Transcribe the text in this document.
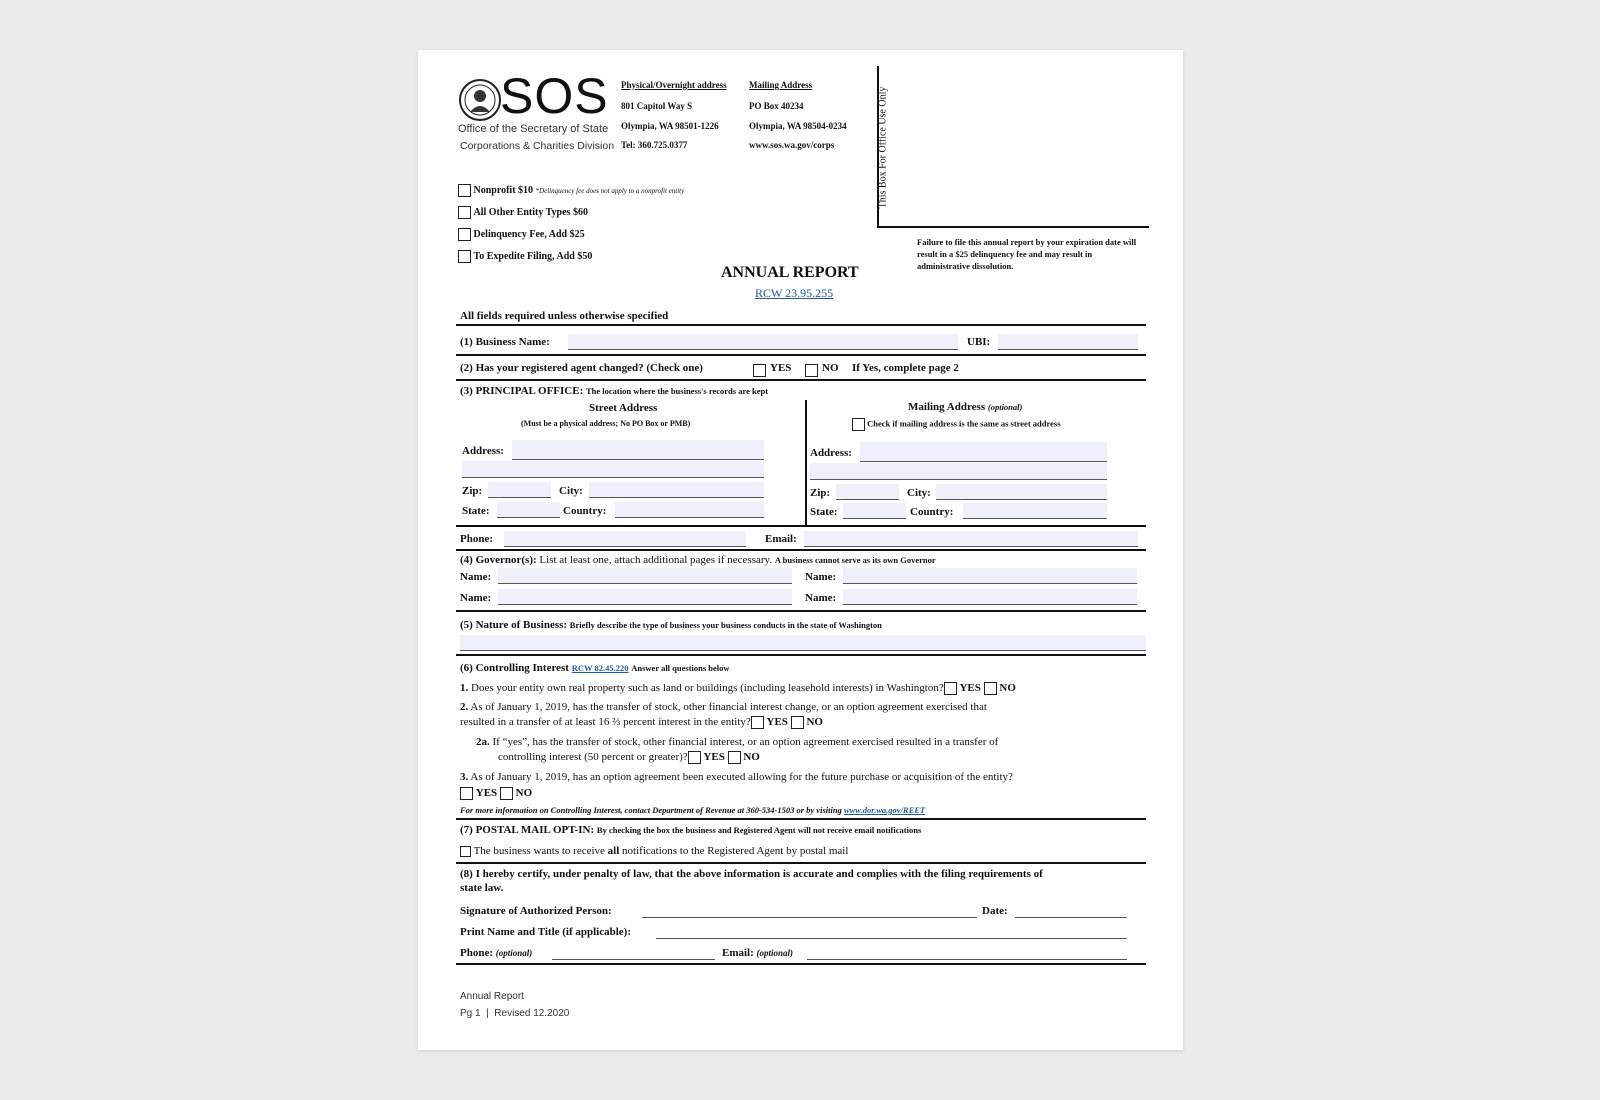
SOS
Office of the Secretary of State
Corporations & Charities Division
Physical/Overnight address
801 Capitol Way S
Olympia, WA 98501-1226
Tel: 360.725.0377
Mailing Address
PO Box 40234
Olympia, WA 98504-0234
www.sos.wa.gov/corps	This Box For Office Use Only
Nonprofit $10 *Delinquency fee does not apply to a nonprofit entity
All Other Entity Types $60
Delinquency Fee, Add $25
To Expedite Filing, Add $50
Failure to file this annual report by your expiration date will result in a $25 delinquency fee and may result in administrative dissolution.
ANNUAL REPORT
RCW 23.95.255
All fields required unless otherwise specified
(1) Business Name:	UBI:
(2) Has your registered agent changed? (Check one)	YES	NO If Yes, complete page 2
(3) PRINCIPAL OFFICE: The location where the business's records are kept
Street Address
(Must be a physical address; No PO Box or PMB)
Address:
Zip:	City:
State:	Country:
Mailing Address (optional)
Check if mailing address is the same as street address
Address:
Zip:	City:
State:	Country:
Phone:	Email:
(4) Governor(s): List at least one, attach additional pages if necessary. A business cannot serve as its own Governor
Name:	Name:
Name:	Name:
(5) Nature of Business: Briefly describe the type of business your business conducts in the state of Washington
(6) Controlling Interest RCW 82.45.220 Answer all questions below
1. Does your entity own real property such as land or buildings (including leasehold interests) in Washington? YES NO
2. As of January 1, 2019, has the transfer of stock, other financial interest change, or an option agreement exercised that
resulted in a transfer of at least 16 ⅔ percent interest in the entity? YES NO
2a. If “yes”, has the transfer of stock, other financial interest, or an option agreement exercised resulted in a transfer of
controlling interest (50 percent or greater)? YES NO
3. As of January 1, 2019, has an option agreement been executed allowing for the future purchase or acquisition of the entity?
YES NO
For more information on Controlling Interest, contact Department of Revenue at 360-534-1503 or by visiting www.dor.wa.gov/REET
(7) POSTAL MAIL OPT-IN: By checking the box the business and Registered Agent will not receive email notifications
The business wants to receive all notifications to the Registered Agent by postal mail
(8) I hereby certify, under penalty of law, that the above information is accurate and complies with the filing requirements of
state law.
Signature of Authorized Person:	Date:
Print Name and Title (if applicable):
Phone: (optional)	Email: (optional)
Annual Report
Pg 1  |  Revised 12.2020
